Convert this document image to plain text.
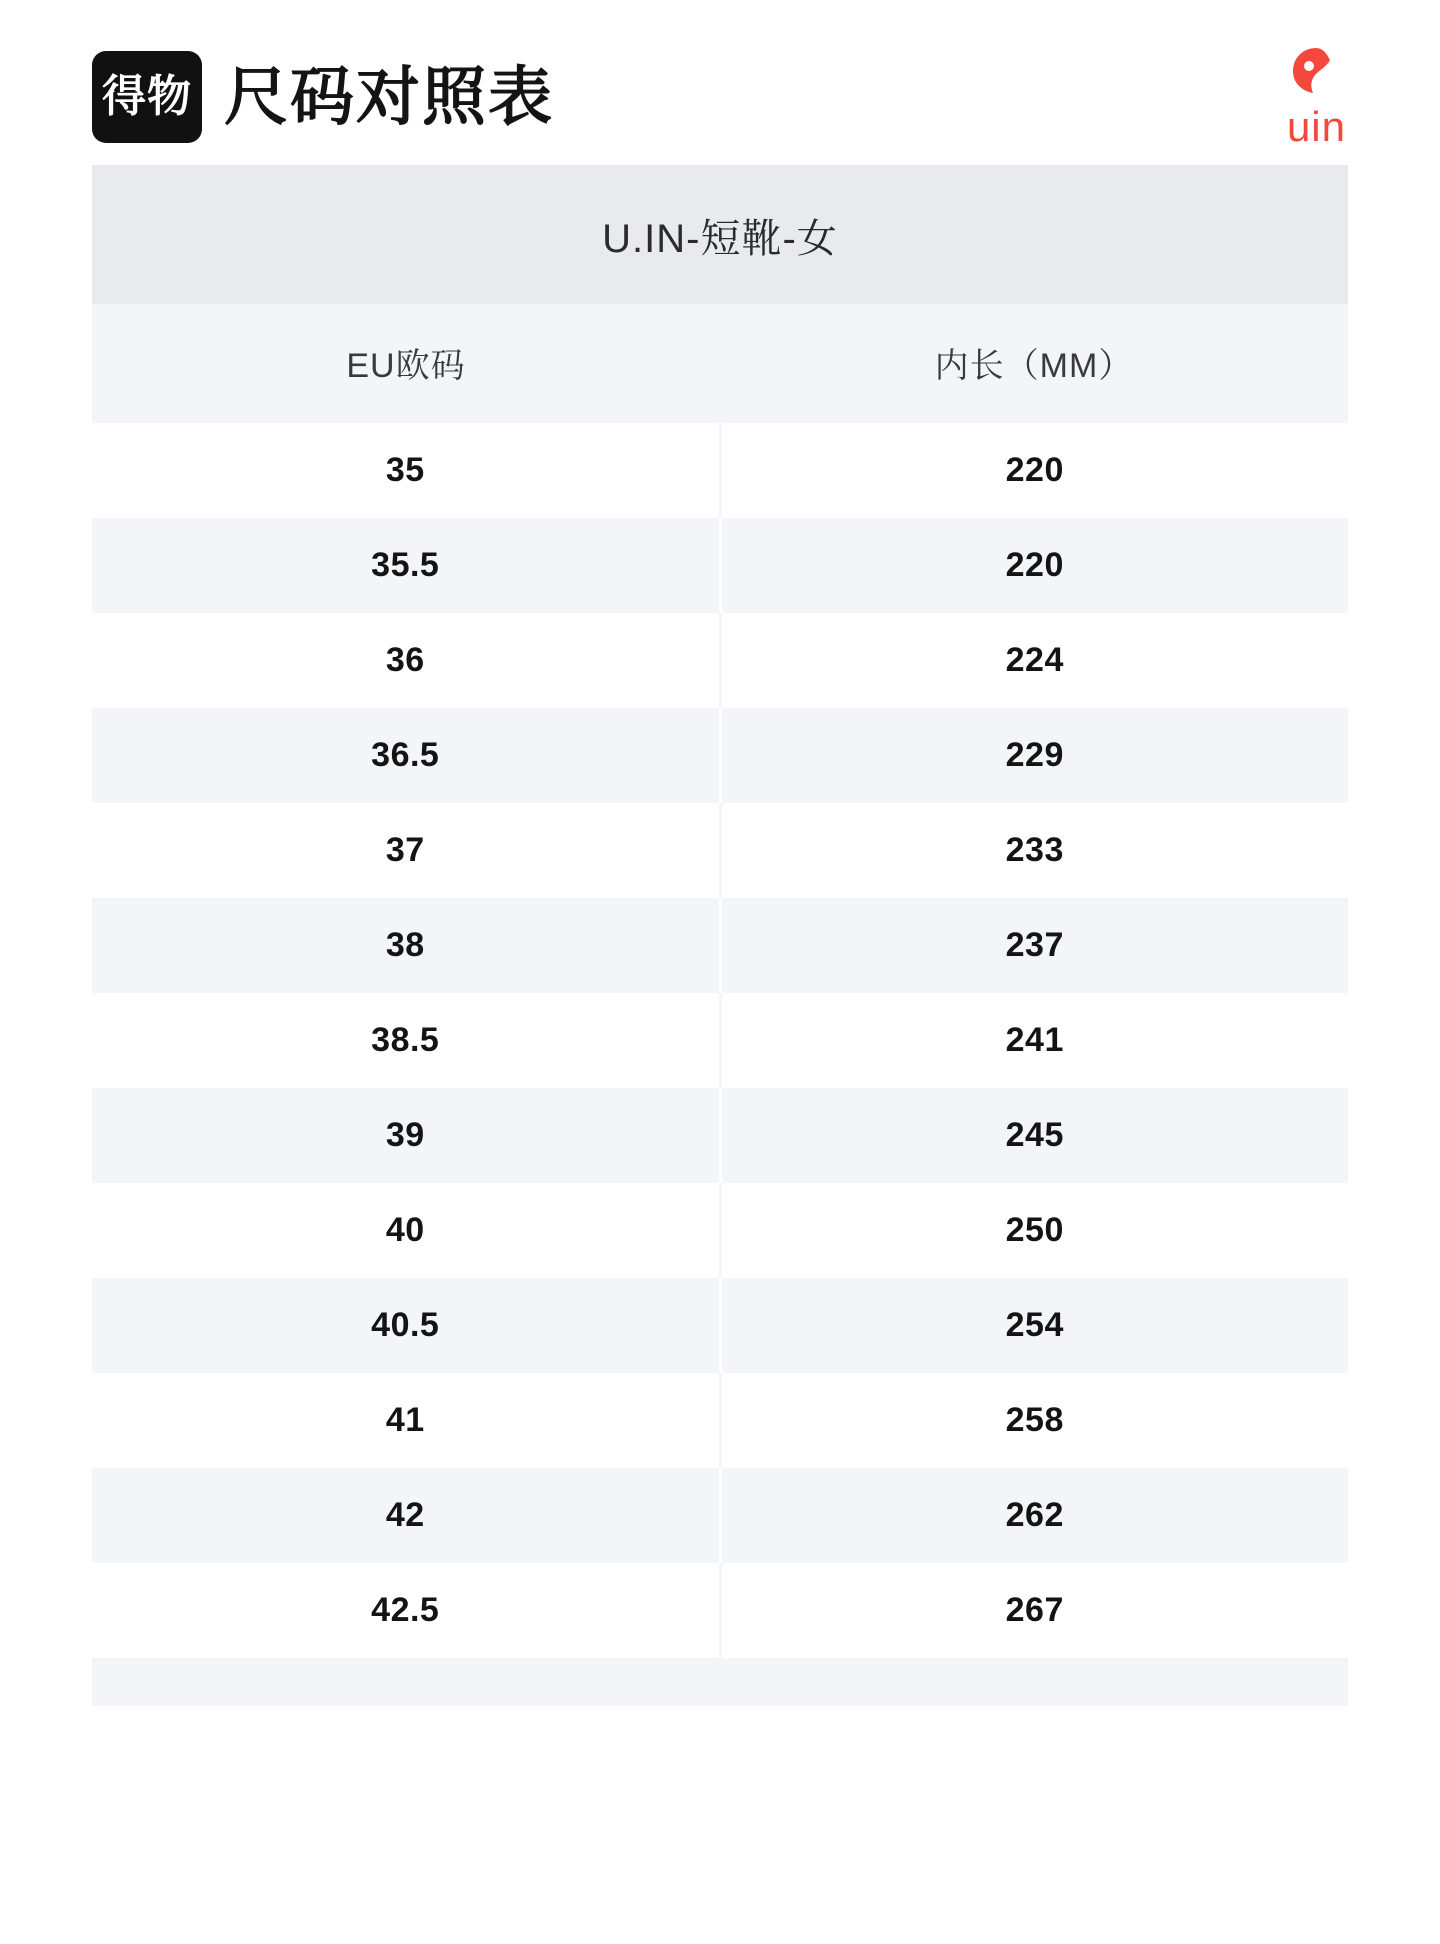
得物 尺码对照表	uin
U.IN-短靴-女
EU欧码	内长（MM）
35	220
35.5	220
36	224
36.5	229
37	233
38	237
38.5	241
39	245
40	250
40.5	254
41	258
42	262
42.5	267
